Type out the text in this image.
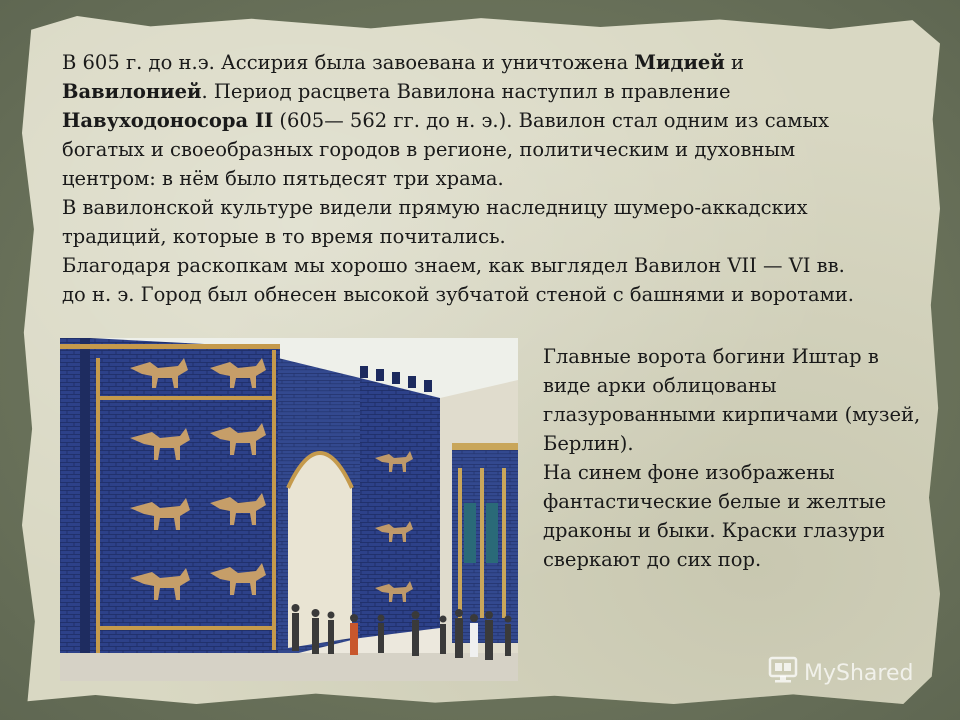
В 605 г. до н.э. Ассирия была завоевана и уничтожена Мидией и Вавилонией. Период расцвета Вавилона наступил в правление Навуходоносора II (605— 562 гг. до н. э.). Вавилон стал одним из самых богатых и своеобразных городов в регионе, политическим и духовным центром: в нём было пятьдесят три храма.

В вавилонской культуре видели прямую наследницу шумеро-аккадских традиций, которые в то время почитались.

Благодаря раскопкам мы хорошо знаем, как выглядел Вавилон VII — VI вв. до н. э. Город был обнесен высокой зубчатой стеной с башнями и воротами.

Главные ворота богини Иштар в виде арки облицованы глазурованными кирпичами (музей, Берлин).

На синем фоне изображены фантастические белые и желтые драконы и быки. Краски глазури сверкают до сих пор.

MyShared
